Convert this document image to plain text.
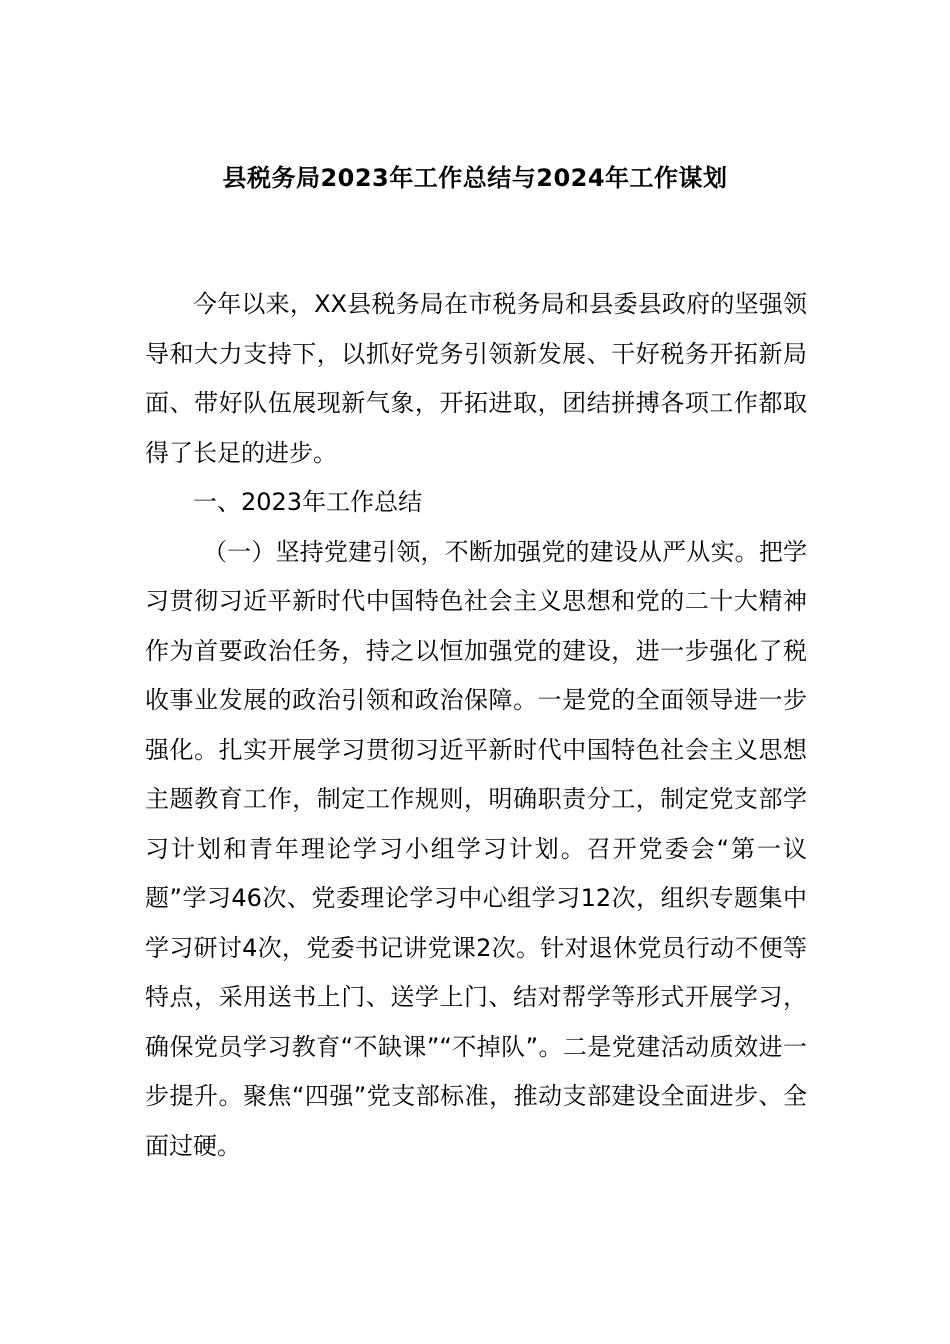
县税务局2023年工作总结与2024年工作谋划

今年以来，XX县税务局在市税务局和县委县政府的坚强领导和大力支持下，以抓好党务引领新发展、干好税务开拓新局面、带好队伍展现新气象，开拓进取，团结拼搏各项工作都取得了长足的进步。

一、2023年工作总结

（一）坚持党建引领，不断加强党的建设从严从实。把学习贯彻习近平新时代中国特色社会主义思想和党的二十大精神作为首要政治任务，持之以恒加强党的建设，进一步强化了税收事业发展的政治引领和政治保障。一是党的全面领导进一步强化。扎实开展学习贯彻习近平新时代中国特色社会主义思想主题教育工作，制定工作规则，明确职责分工，制定党支部学习计划和青年理论学习小组学习计划。召开党委会“第一议题”学习46次、党委理论学习中心组学习12次，组织专题集中学习研讨4次，党委书记讲党课2次。针对退休党员行动不便等特点，采用送书上门、送学上门、结对帮学等形式开展学习，确保党员学习教育“不缺课”“不掉队”。二是党建活动质效进一步提升。聚焦“四强”党支部标准，推动支部建设全面进步、全面过硬。
